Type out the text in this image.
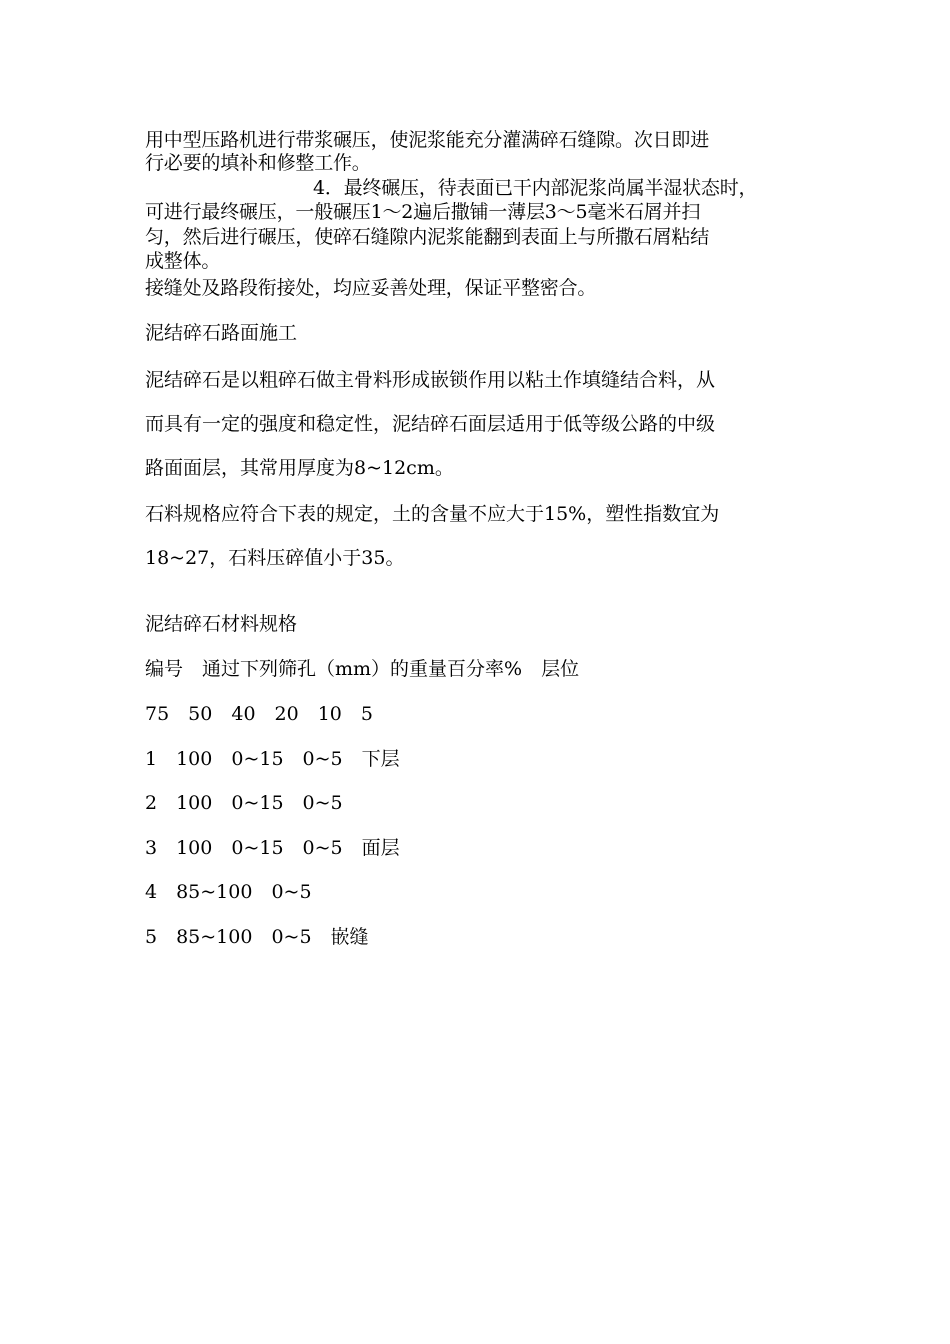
用中型压路机进行带浆碾压，使泥浆能充分灌满碎石缝隙。次日即进
行必要的填补和修整工作。
4．最终碾压，待表面已干内部泥浆尚属半湿状态时，
可进行最终碾压，一般碾压1～2遍后撒铺一薄层3～5毫米石屑并扫
匀，然后进行碾压，使碎石缝隙内泥浆能翻到表面上与所撒石屑粘结
成整体。
接缝处及路段衔接处，均应妥善处理，保证平整密合。
泥结碎石路面施工
泥结碎石是以粗碎石做主骨料形成嵌锁作用以粘土作填缝结合料，从
而具有一定的强度和稳定性，泥结碎石面层适用于低等级公路的中级
路面面层，其常用厚度为8~12cm。
石料规格应符合下表的规定，土的含量不应大于15%，塑性指数宜为
18~27，石料压碎值小于35。
泥结碎石材料规格
编号　通过下列筛孔（mm）的重量百分率%　层位
75　50　40　20　10　5
1　100　0~15　0~5　下层
2　100　0~15　0~5
3　100　0~15　0~5　面层
4　85~100　0~5
5　85~100　0~5　嵌缝
